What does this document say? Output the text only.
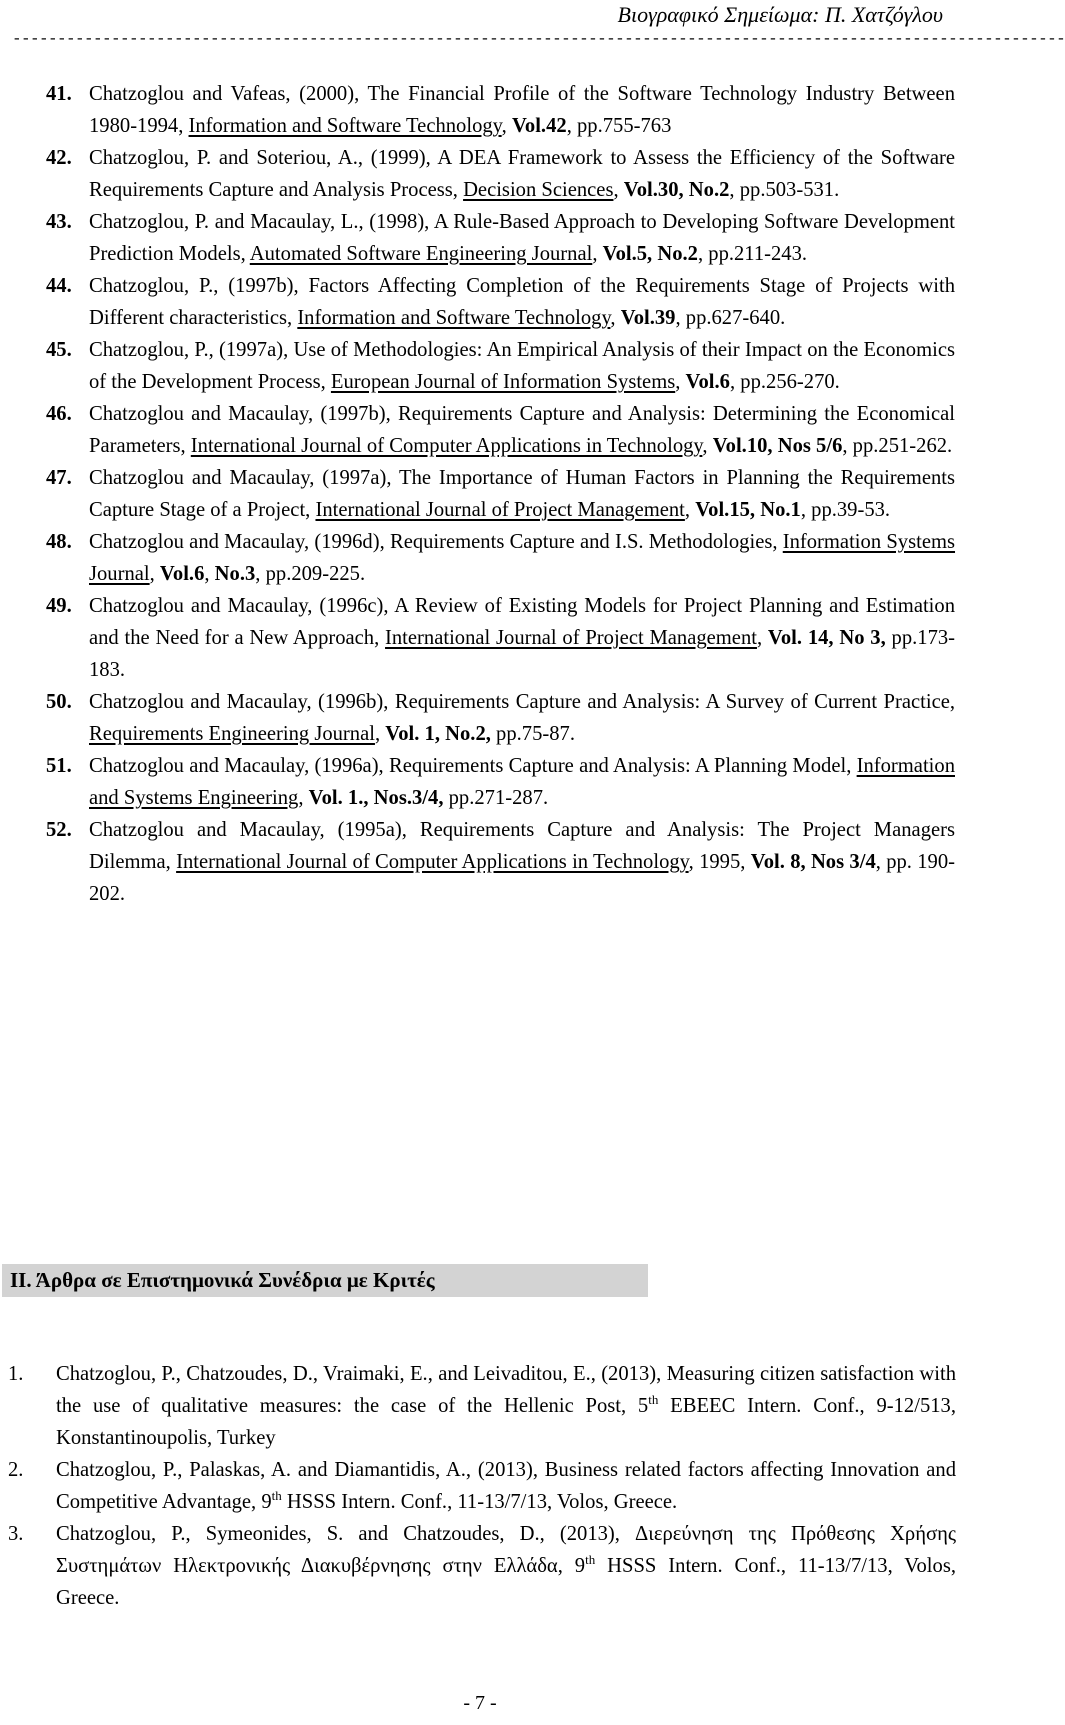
Βιογραφικό Σημείωμα: Π. Χατζόγλου
---------------------------------------------------------------------------------------------------------------------
41. Chatzoglou and Vafeas, (2000), The Financial Profile of the Software Technology Industry Between 1980-1994, Information and Software Technology, Vol.42, pp.755-763
42. Chatzoglou, P. and Soteriou, A., (1999), A DEA Framework to Assess the Efficiency of the Software Requirements Capture and Analysis Process, Decision Sciences, Vol.30, No.2, pp.503-531.
43. Chatzoglou, P. and Macaulay, L., (1998), A Rule-Based Approach to Developing Software Development Prediction Models, Automated Software Engineering Journal, Vol.5, No.2, pp.211-243.
44. Chatzoglou, P., (1997b), Factors Affecting Completion of the Requirements Stage of Projects with Different characteristics, Information and Software Technology, Vol.39, pp.627-640.
45. Chatzoglou, P., (1997a), Use of Methodologies: An Empirical Analysis of their Impact on the Economics of the Development Process, European Journal of Information Systems, Vol.6, pp.256-270.
46. Chatzoglou and Macaulay, (1997b), Requirements Capture and Analysis: Determining the Economical Parameters, International Journal of Computer Applications in Technology, Vol.10, Nos 5/6, pp.251-262.
47. Chatzoglou and Macaulay, (1997a), The Importance of Human Factors in Planning the Requirements Capture Stage of a Project, International Journal of Project Management, Vol.15, No.1, pp.39-53.
48. Chatzoglou and Macaulay, (1996d), Requirements Capture and I.S. Methodologies, Information Systems Journal, Vol.6, No.3, pp.209-225.
49. Chatzoglou and Macaulay, (1996c), A Review of Existing Models for Project Planning and Estimation and the Need for a New Approach, International Journal of Project Management, Vol. 14, No 3, pp.173-183.
50. Chatzoglou and Macaulay, (1996b), Requirements Capture and Analysis: A Survey of Current Practice, Requirements Engineering Journal, Vol. 1, No.2, pp.75-87.
51. Chatzoglou and Macaulay, (1996a), Requirements Capture and Analysis: A Planning Model, Information and Systems Engineering, Vol. 1., Nos.3/4, pp.271-287.
52. Chatzoglou and Macaulay, (1995a), Requirements Capture and Analysis: The Project Managers Dilemma, International Journal of Computer Applications in Technology, 1995, Vol. 8, Nos 3/4, pp. 190-202.
ΙΙ. Άρθρα σε Επιστημονικά Συνέδρια με Κριτές
1.	Chatzoglou, P., Chatzoudes, D., Vraimaki, E., and Leivaditou, E., (2013), Measuring citizen satisfaction with the use of qualitative measures: the case of the Hellenic Post, 5th EBEEC Intern. Conf., 9-12/513, Konstantinoupolis, Turkey
2.	Chatzoglou, P., Palaskas, A. and Diamantidis, A., (2013), Business related factors affecting Innovation and Competitive Advantage, 9th HSSS Intern. Conf., 11-13/7/13, Volos, Greece.
3.	Chatzoglou, P., Symeonides, S. and Chatzoudes, D., (2013), Διερεύνηση της Πρόθεσης Χρήσης Συστημάτων Ηλεκτρονικής Διακυβέρνησης στην Ελλάδα, 9th HSSS Intern. Conf., 11-13/7/13, Volos, Greece.
- 7 -
